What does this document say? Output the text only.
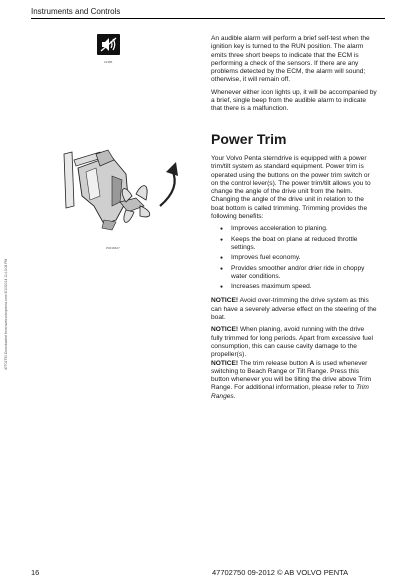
Instruments and Controls
21386

An audible alarm will perform a brief self-test when the ignition key is turned to the RUN position. The alarm emits three short beeps to indicate that the ECM is performing a check of the sensors. If there are any problems detected by the ECM, the alarm will sound; otherwise, it will remain off.

Whenever either icon lights up, it will be accompanied by a brief, single beep from the audible alarm to indicate that there is a malfunction.

Power Trim

Your Volvo Penta sterndrive is equipped with a power trim/tilt system as standard equipment. Power trim is operated using the buttons on the power trim switch or on the control lever(s). The power trim/tilt allows you to change the angle of the drive unit from the helm. Changing the angle of the drive unit in relation to the boat bottom is called trimming. Trimming provides the following benefits:

● Improves acceleration to planing.
● Keeps the boat on plane at reduced throttle settings.
● Improves fuel economy.
● Provides smoother and/or drier ride in choppy water conditions.
● Increases maximum speed.

NOTICE! Avoid over-trimming the drive system as this can have a severely adverse effect on the steering of the boat.

NOTICE! When planing, avoid running with the drive fully trimmed for long periods. Apart from excessive fuel consumption, this can cause cavity damage to the propeller(s).

NOTICE! The trim release button A is used whenever switching to Beach Range or Tilt Range. Press this button whenever you will be tilting the drive above Trim Range. For additional information, please refer to Trim Ranges.

P0016627
47702750 Downloaded from www.volvopenta.com 3/10/2014 11:13:08 PM
16	47702750 09-2012 © AB VOLVO PENTA
